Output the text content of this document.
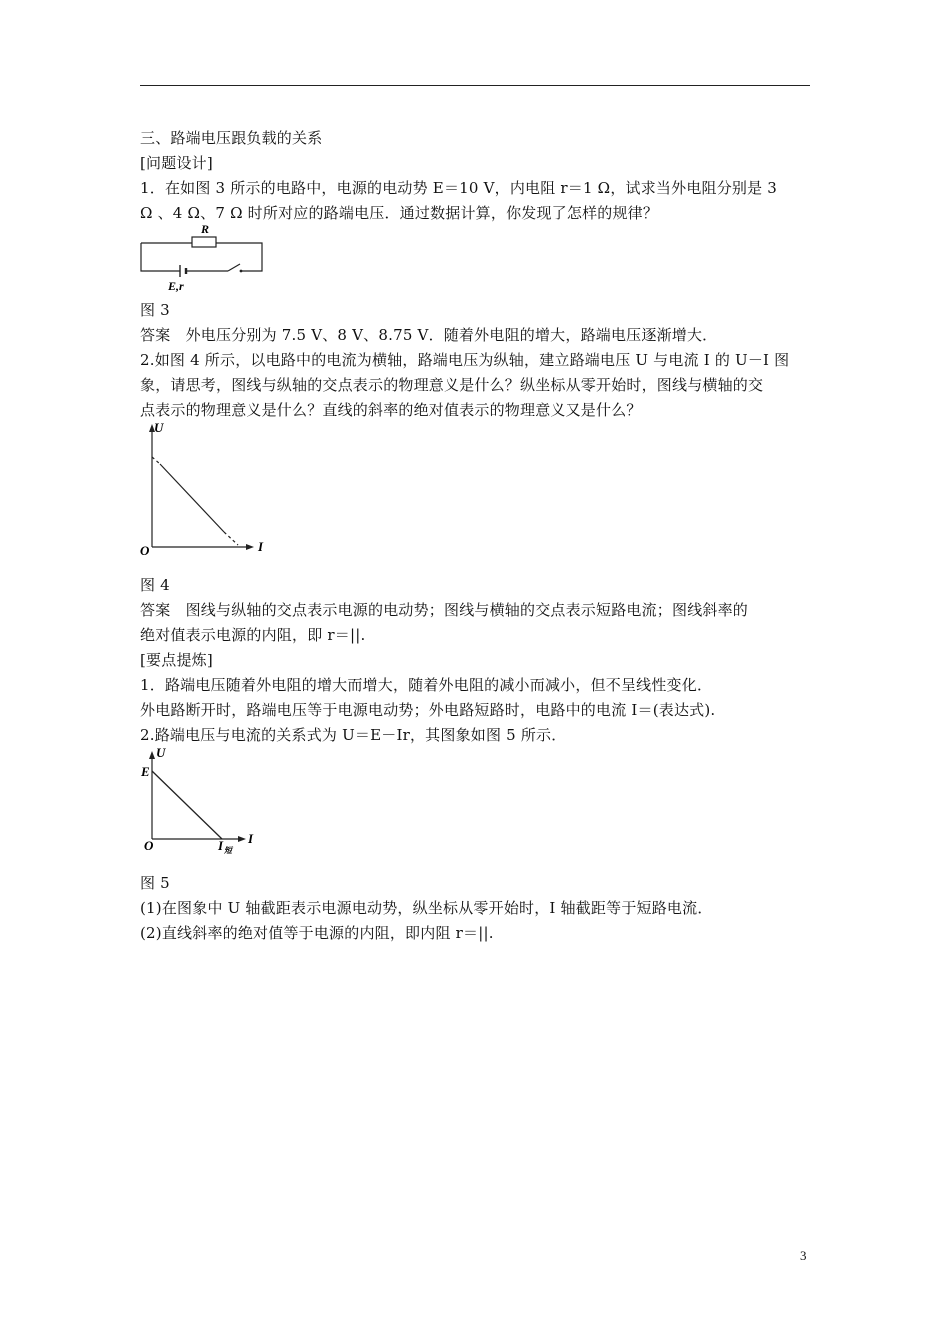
三、路端电压跟负载的关系
[问题设计]
1．在如图 3 所示的电路中，电源的电动势 E＝10 V，内电阻 r＝1 Ω，试求当外电阻分别是 3
Ω 、4 Ω、7 Ω 时所对应的路端电压．通过数据计算，你发现了怎样的规律？
R
E,r
图 3
答案　外电压分别为 7.5 V、8 V、8.75 V．随着外电阻的增大，路端电压逐渐增大．
2.如图 4 所示，以电路中的电流为横轴，路端电压为纵轴，建立路端电压 U 与电流 I 的 U－I 图
象，请思考，图线与纵轴的交点表示的物理意义是什么？纵坐标从零开始时，图线与横轴的交
点表示的物理意义是什么？直线的斜率的绝对值表示的物理意义又是什么？
U
O	I
图 4
答案　图线与纵轴的交点表示电源的电动势；图线与横轴的交点表示短路电流；图线斜率的
绝对值表示电源的内阻，即 r＝||.
[要点提炼]
1．路端电压随着外电阻的增大而增大，随着外电阻的减小而减小，但不呈线性变化．
外电路断开时，路端电压等于电源电动势；外电路短路时，电路中的电流 I＝(表达式).
2.路端电压与电流的关系式为 U＝E－Ir，其图象如图 5 所示．
U
E
O	I 短
I
图 5
(1)在图象中 U 轴截距表示电源电动势，纵坐标从零开始时，I 轴截距等于短路电流．
(2)直线斜率的绝对值等于电源的内阻，即内阻 r＝||.
3
